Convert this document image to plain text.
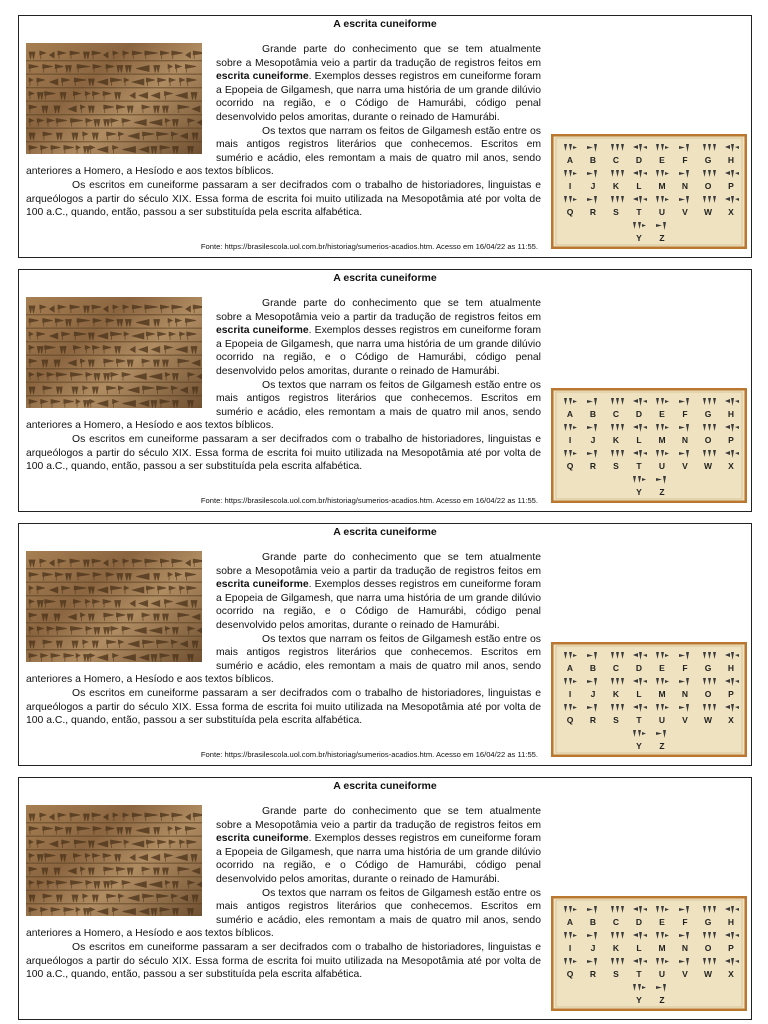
A escrita cuneiforme
A B C D E F G H
I J K L M N O P
Q R S T U V W X
Y Z

Grande parte do conhecimento que se tem atualmente sobre a Mesopotâmia veio a partir da tradução de registros feitos em escrita cuneiforme. Exemplos desses registros em cuneiforme foram a Epopeia de Gilgamesh, que narra uma história de um grande dilúvio ocorrido na região, e o Código de Hamurábi, código penal desenvolvido pelos amoritas, durante o reinado de Hamurábi.

Os textos que narram os feitos de Gilgamesh estão entre os mais antigos registros literários que conhecemos. Escritos em sumério e acádio, eles remontam a mais de quatro mil anos, sendo anteriores a Homero, a Hesíodo e aos textos bíblicos.

Os escritos em cuneiforme passaram a ser decifrados com o trabalho de historiadores, linguistas e arqueólogos a partir do século XIX. Essa forma de escrita foi muito utilizada na Mesopotâmia até por volta de 100 a.C., quando, então, passou a ser substituída pela escrita alfabética.

Fonte: https://brasilescola.uol.com.br/historiag/sumerios-acadios.htm. Acesso em 16/04/22 as 11:55.
A escrita cuneiforme
A B C D E F G H
I J K L M N O P
Q R S T U V W X
Y Z

Grande parte do conhecimento que se tem atualmente sobre a Mesopotâmia veio a partir da tradução de registros feitos em escrita cuneiforme. Exemplos desses registros em cuneiforme foram a Epopeia de Gilgamesh, que narra uma história de um grande dilúvio ocorrido na região, e o Código de Hamurábi, código penal desenvolvido pelos amoritas, durante o reinado de Hamurábi.

Os textos que narram os feitos de Gilgamesh estão entre os mais antigos registros literários que conhecemos. Escritos em sumério e acádio, eles remontam a mais de quatro mil anos, sendo anteriores a Homero, a Hesíodo e aos textos bíblicos.

Os escritos em cuneiforme passaram a ser decifrados com o trabalho de historiadores, linguistas e arqueólogos a partir do século XIX. Essa forma de escrita foi muito utilizada na Mesopotâmia até por volta de 100 a.C., quando, então, passou a ser substituída pela escrita alfabética.

Fonte: https://brasilescola.uol.com.br/historiag/sumerios-acadios.htm. Acesso em 16/04/22 as 11:55.
A escrita cuneiforme
A B C D E F G H
I J K L M N O P
Q R S T U V W X
Y Z

Grande parte do conhecimento que se tem atualmente sobre a Mesopotâmia veio a partir da tradução de registros feitos em escrita cuneiforme. Exemplos desses registros em cuneiforme foram a Epopeia de Gilgamesh, que narra uma história de um grande dilúvio ocorrido na região, e o Código de Hamurábi, código penal desenvolvido pelos amoritas, durante o reinado de Hamurábi.

Os textos que narram os feitos de Gilgamesh estão entre os mais antigos registros literários que conhecemos. Escritos em sumério e acádio, eles remontam a mais de quatro mil anos, sendo anteriores a Homero, a Hesíodo e aos textos bíblicos.

Os escritos em cuneiforme passaram a ser decifrados com o trabalho de historiadores, linguistas e arqueólogos a partir do século XIX. Essa forma de escrita foi muito utilizada na Mesopotâmia até por volta de 100 a.C., quando, então, passou a ser substituída pela escrita alfabética.

Fonte: https://brasilescola.uol.com.br/historiag/sumerios-acadios.htm. Acesso em 16/04/22 as 11:55.
A escrita cuneiforme
A B C D E F G H
I J K L M N O P
Q R S T U V W X
Y Z

Grande parte do conhecimento que se tem atualmente sobre a Mesopotâmia veio a partir da tradução de registros feitos em escrita cuneiforme. Exemplos desses registros em cuneiforme foram a Epopeia de Gilgamesh, que narra uma história de um grande dilúvio ocorrido na região, e o Código de Hamurábi, código penal desenvolvido pelos amoritas, durante o reinado de Hamurábi.

Os textos que narram os feitos de Gilgamesh estão entre os mais antigos registros literários que conhecemos. Escritos em sumério e acádio, eles remontam a mais de quatro mil anos, sendo anteriores a Homero, a Hesíodo e aos textos bíblicos.

Os escritos em cuneiforme passaram a ser decifrados com o trabalho de historiadores, linguistas e arqueólogos a partir do século XIX. Essa forma de escrita foi muito utilizada na Mesopotâmia até por volta de 100 a.C., quando, então, passou a ser substituída pela escrita alfabética.
